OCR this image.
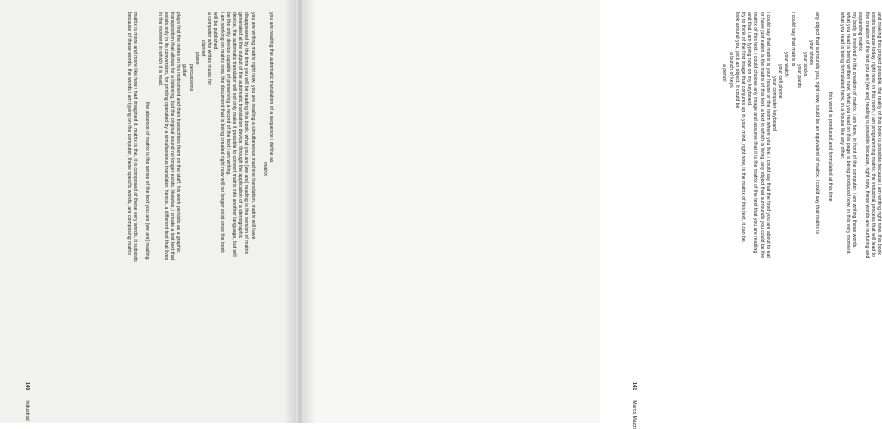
you are reading the automatic translation of a sequence i define as

matrix

you are writing matrix right now. you are reading a simultaneous machine translation. matrix will have

disappeared by the time you will be reading this book. what you are [we are] reading is the version of matrix

generated at the output of the automatic translation device. through the application of a stenographic

device, the automatic translator will not only make it possible to convert matrix into another language, but will

be the only device capable of preserving a record of the text i am writing.

i am working on matrix now, the document that is being created right now will no longer exist once the book

will be published.

a computer who writes music for

clarinet

piano

percussions

guitar

plays first the notes on his instrument and then transcribes them on the staff. his work persists as a graphic

transposition that allows for a listening, but the original sound no longer exists. likewise, i create a lost text that

exists only in its conversion, for printing operated by a simultaneous translator. hence, a different text that lives

in the moment in which it is read.

the absence of matrix is the sense of the text you are [we are] reading

matrix is more and more like how i had imagined it. matrix is the, it is composed of these very words, it subsists

because of these words. the words i am typing on the computer, these specific words, are composing matrix

140Industrial

and making this project possible. the reality of this book is possible because i am writing right now. this book

exists because today, right now, in this room, i am programming matrix: the industrial process that will lead to

the creation of the text you are [we are] reading is possible because, right now, these words are nurturing and

expanding matrix

my body is involved in the creation of matrix. i am here, in front of the computer. i am writing these words.

what you read is being written now; what you read on this page is being produced now, in this very moment.

what you read is being formulated here, in a house like any other.

this word is produced and formulated at this time

any object that surrounds you, right now, could be an equivalent of matrix. i could say that matrix is

your shoes

your socks

your pants

i could say that matrix is

your watch

your cell phone

your computer keyboard

i could say that matrix is your house or the room where you live. i could say that the food you are about to eat

or have just eaten is the matrix of this text. a text in which is living. any object that surrounds you could be the

matrix of this text. i could choose any image and assume that it is the matrix of the text that you are reading

and that i am typing now on my keyboard.

try to think of the first image that conjures up in your mind, right now, is the matrix of this text. it can be.

look around you, pick an object, it could be

a bunch of keys

a pencil

141Marco Mazzi
